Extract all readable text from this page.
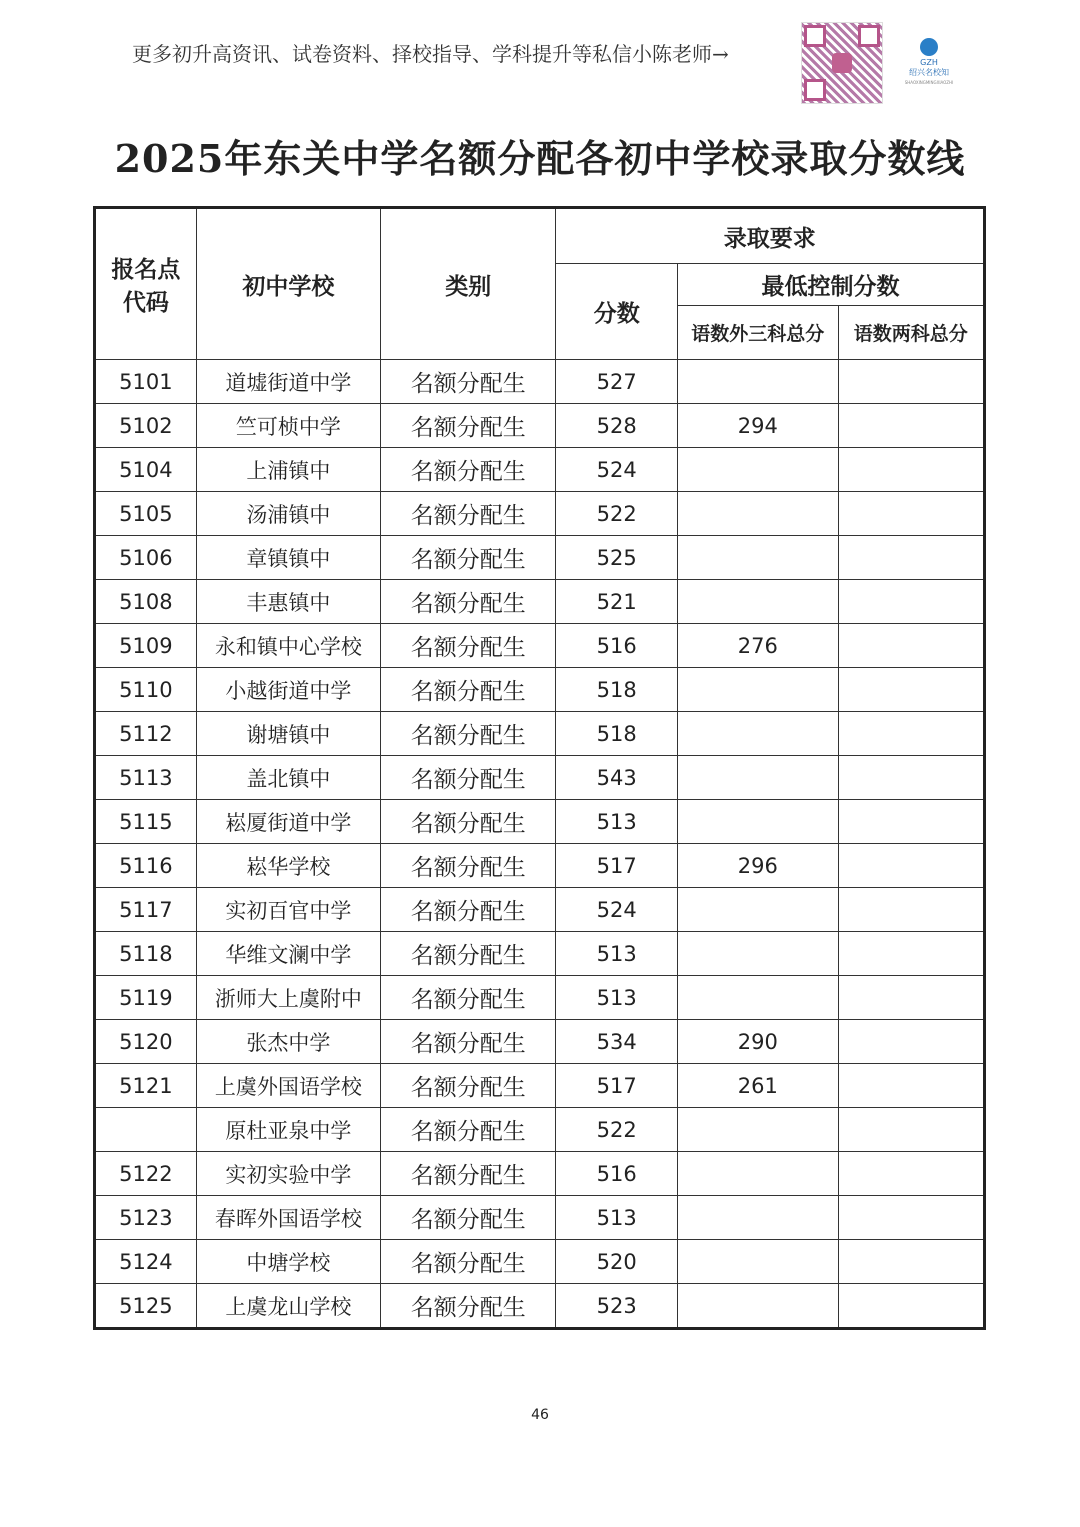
更多初升高资讯、试卷资料、择校指导、学科提升等私信小陈老师→	GZH
绍兴名校知
SHAOXINGMINGXIAOZHI
2025年东关中学名额分配各初中学校录取分数线
报名点代码	初中学校	类别	录取要求		
			分数	最低控制分数	
				语数外三科总分	语数两科总分
5101	道墟街道中学	名额分配生	527		
5102	竺可桢中学	名额分配生	528	294	
5104	上浦镇中	名额分配生	524		
5105	汤浦镇中	名额分配生	522		
5106	章镇镇中	名额分配生	525		
5108	丰惠镇中	名额分配生	521		
5109	永和镇中心学校	名额分配生	516	276	
5110	小越街道中学	名额分配生	518		
5112	谢塘镇中	名额分配生	518		
5113	盖北镇中	名额分配生	543		
5115	崧厦街道中学	名额分配生	513		
5116	崧华学校	名额分配生	517	296	
5117	实初百官中学	名额分配生	524		
5118	华维文澜中学	名额分配生	513		
5119	浙师大上虞附中	名额分配生	513		
5120	张杰中学	名额分配生	534	290	
5121	上虞外国语学校	名额分配生	517	261	
	原杜亚泉中学	名额分配生	522		
5122	实初实验中学	名额分配生	516		
5123	春晖外国语学校	名额分配生	513		
5124	中塘学校	名额分配生	520		
5125	上虞龙山学校	名额分配生	523		
46
